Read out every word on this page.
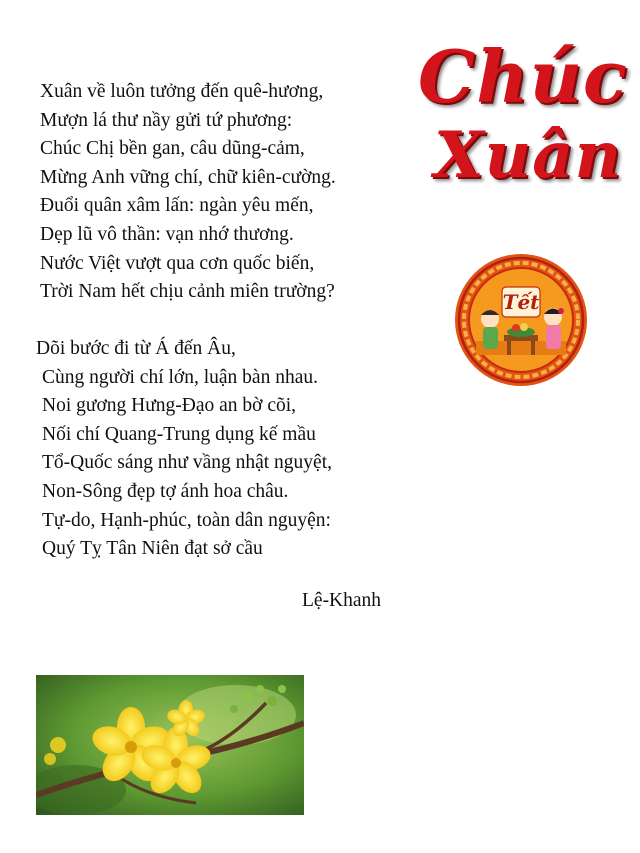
Xuân về luôn tưởng đến quê-hương,
Mượn lá thư nầy gửi tứ phương:
Chúc Chị bền gan, câu dũng-cảm,
Mừng Anh vững chí, chữ kiên-cường.
Đuổi quân xâm lấn: ngàn yêu mến,
Dẹp lũ vô thần: vạn nhớ thương.
Nước Việt vượt qua cơn quốc biến,
Trời Nam hết chịu cảnh miên trường?
Dõi bước đi từ Á đến Âu,
Cùng người chí lớn, luận bàn nhau.
Noi gương Hưng-Đạo an bờ cõi,
Nối chí Quang-Trung dụng kế mầu
Tổ-Quốc sáng như vầng nhật nguyệt,
Non-Sông đẹp tợ ánh hoa châu.
Tự-do, Hạnh-phúc, toàn dân nguyện:
Quý Tỵ Tân Niên đạt sở cầu
Lệ-Khanh
Chúc
Xuân
Tết
